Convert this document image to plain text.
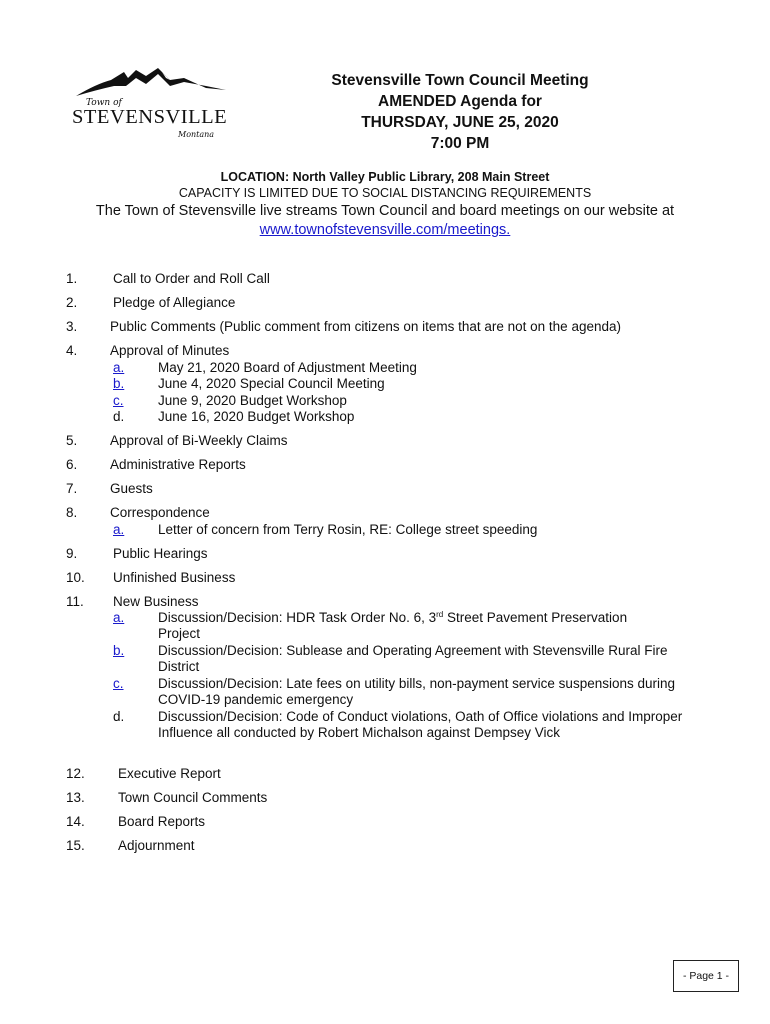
Town of
STEVENSVILLE
Montana
Stevensville Town Council Meeting
AMENDED Agenda for
THURSDAY, JUNE 25, 2020
7:00 PM
LOCATION: North Valley Public Library, 208 Main Street
CAPACITY IS LIMITED DUE TO SOCIAL DISTANCING REQUIREMENTS
The Town of Stevensville live streams Town Council and board meetings on our website at
www.townofstevensville.com/meetings.
1.	Call to Order and Roll Call
2.	Pledge of Allegiance
3. Public Comments (Public comment from citizens on items that are not on the agenda)
4. Approval of Minutes
a. May 21, 2020 Board of Adjustment Meeting
b. June 4, 2020 Special Council Meeting
c.	June 9, 2020 Budget Workshop
d. June 16, 2020 Budget Workshop
5. Approval of Bi-Weekly Claims
6. Administrative Reports
7. Guests
8. Correspondence
a. Letter of concern from Terry Rosin, RE: College street speeding
9.	Public Hearings
10. Unfinished Business
11. New Business
a. Discussion/Decision: HDR Task Order No. 6, 3rd Street Pavement Preservation
Project
b. Discussion/Decision: Sublease and Operating Agreement with Stevensville Rural Fire
District
c.	Discussion/Decision: Late fees on utility bills, non-payment service suspensions during
COVID-19 pandemic emergency
d. Discussion/Decision: Code of Conduct violations, Oath of Office violations and Improper
Influence all conducted by Robert Michalson against Dempsey Vick
12. Executive Report
13. Town Council Comments
14. Board Reports
15. Adjournment
- Page 1 -
